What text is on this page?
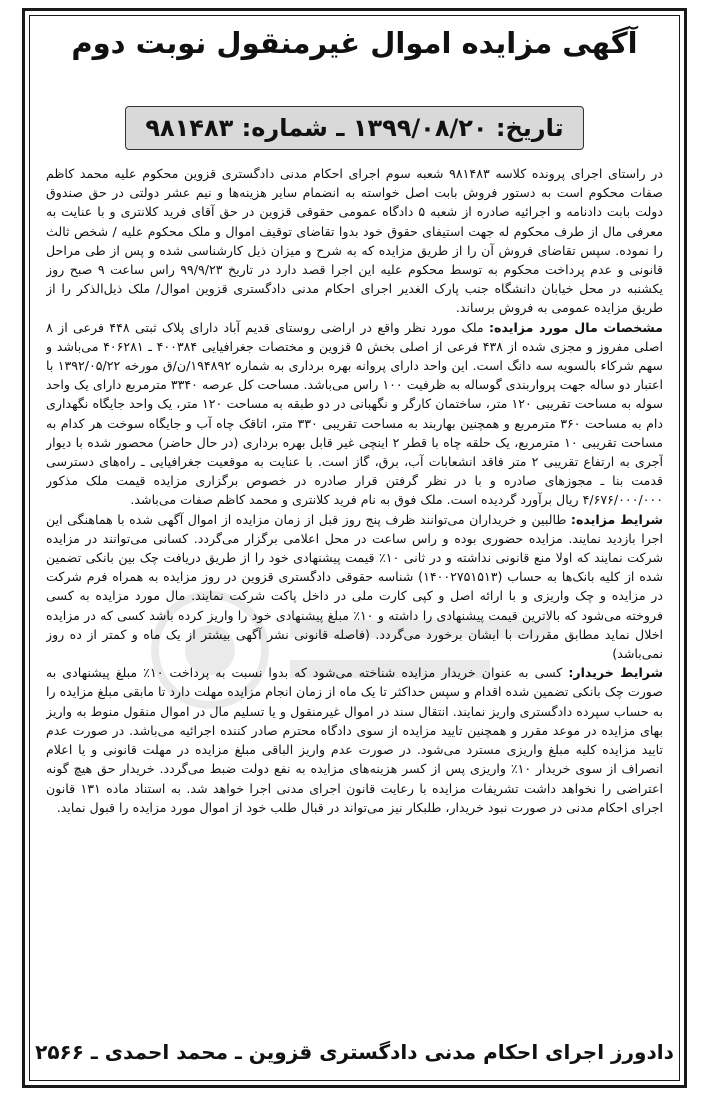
آگهی مزایده اموال غیرمنقول نوبت دوم
تاریخ: ۱۳۹۹/۰۸/۲۰ ـ شماره: ۹۸۱۴۸۳

در راستای اجرای پرونده کلاسه ۹۸۱۴۸۳ شعبه سوم اجرای احکام مدنی دادگستری قزوین محکوم علیه محمد کاظم صفات محکوم است به دستور فروش بابت اصل خواسته به انضمام سایر هزینه‌ها و نیم عشر دولتی در حق صندوق دولت بابت دادنامه و اجرائیه صادره از شعبه ۵ دادگاه عمومی حقوقی قزوین در حق آقای فرید کلانتری و با عنایت به معرفی مال از طرف محکوم له جهت استیفای حقوق خود بدوا تقاضای توقیف اموال و ملک محکوم علیه / شخص ثالث را نموده. سپس تقاضای فروش آن را از طریق مزایده که به شرح و میزان ذیل کارشناسی شده و پس از طی مراحل قانونی و عدم پرداخت محکوم به توسط محکوم علیه این اجرا قصد دارد در تاریخ ۹۹/۹/۲۳ راس ساعت ۹ صبح روز یکشنبه در محل خیابان دانشگاه جنب پارک الغدیر اجرای احکام مدنی دادگستری قزوین اموال/ ملک ذیل‌الذکر را از طریق مزایده عمومی به فروش برساند.

مشخصات مال مورد مزایده: ملک مورد نظر واقع در اراضی روستای قدیم آباد دارای پلاک ثبتی ۴۴۸ فرعی از ۸ اصلی مفروز و مجزی شده از ۴۳۸ فرعی از اصلی بخش ۵ قزوین و مختصات جغرافیایی ۴۰۰۳۸۴ ـ ۴۰۶۲۸۱ می‌باشد و سهم شرکاء بالسویه سه دانگ است. این واحد دارای پروانه بهره برداری به شماره ۱۹۴۸۹۲/ن/ق مورخه ۱۳۹۲/۰۵/۲۲ با اعتبار دو ساله جهت پرواربندی گوساله به ظرفیت ۱۰۰ راس می‌باشد. مساحت کل عرصه ۳۳۴۰ مترمربع دارای یک واحد سوله به مساحت تقریبی ۱۲۰ متر، ساختمان کارگر و نگهبانی در دو طبقه به مساحت ۱۲۰ متر، یک واحد جایگاه نگهداری دام به مساحت ۳۶۰ مترمربع و همچنین بهاربند به مساحت تقریبی ۳۳۰ متر، اتاقک چاه آب و جایگاه سوخت هر کدام به مساحت تقریبی ۱۰ مترمربع، یک حلقه چاه با قطر ۲ اینچی غیر قابل بهره برداری (در حال حاضر) محصور شده با دیوار آجری به ارتفاع تقریبی ۲ متر فاقد انشعابات آب، برق، گاز است. با عنایت به موقعیت جغرافیایی ـ راه‌های دسترسی قدمت بنا ـ مجوزهای صادره و با در نظر گرفتن قرار صادره در خصوص برگزاری مزایده قیمت ملک مذکور ۴/۶۷۶/۰۰۰/۰۰۰ ریال برآورد گردیده است. ملک فوق به نام فرید کلانتری و محمد کاظم صفات می‌باشد.

شرایط مزایده: طالبین و خریداران می‌توانند ظرف پنج روز قبل از زمان مزایده از اموال آگهی شده با هماهنگی این اجرا بازدید نمایند. مزایده حضوری بوده و راس ساعت در محل اعلامی برگزار می‌گردد. کسانی می‌توانند در مزایده شرکت نمایند که اولا منع قانونی نداشته و در ثانی ۱۰٪ قیمت پیشنهادی خود را از طریق دریافت چک بین بانکی تضمین شده از کلیه بانک‌ها به حساب (۱۴۰۰۲۷۵۱۵۱۳) شناسه حقوقی دادگستری قزوین در روز مزایده به همراه فرم شرکت در مزایده و چک واریزی و با ارائه اصل و کپی کارت ملی در داخل پاکت شرکت نمایند. مال مورد مزایده به کسی فروخته می‌شود که بالاترین قیمت پیشنهادی را داشته و ۱۰٪ مبلغ پیشنهادی خود را واریز کرده باشد کسی که در مزایده اخلال نماید مطابق مقررات با ایشان برخورد می‌گردد. (فاصله قانونی نشر آگهی بیشتر از یک ماه و کمتر از ده روز نمی‌باشد)

شرایط خریدار: کسی به عنوان خریدار مزایده شناخته می‌شود که بدوا نسبت به پرداخت ۱۰٪ مبلغ پیشنهادی به صورت چک بانکی تضمین شده اقدام و سپس حداکثر تا یک ماه از زمان انجام مزایده مهلت دارد تا مابقی مبلغ مزایده را به حساب سپرده دادگستری واریز نمایند. انتقال سند در اموال غیرمنقول و یا تسلیم مال در اموال منقول منوط به واریز بهای مزایده در موعد مقرر و همچنین تایید مزایده از سوی دادگاه محترم صادر کننده اجرائیه می‌باشد. در صورت عدم تایید مزایده کلیه مبلغ واریزی مسترد می‌شود. در صورت عدم واریز الباقی مبلغ مزایده در مهلت قانونی و یا اعلام انصراف از سوی خریدار ۱۰٪ واریزی پس از کسر هزینه‌های مزایده به نفع دولت ضبط می‌گردد. خریدار حق هیچ گونه اعتراضی را نخواهد داشت تشریفات مزایده با رعایت قانون اجرای مدنی اجرا خواهد شد. به استناد ماده ۱۳۱ قانون اجرای احکام مدنی در صورت نبود خریدار، طلبکار نیز می‌تواند در قبال طلب خود از اموال مورد مزایده را قبول نماید.

دادورز اجرای احکام مدنی دادگستری قزوین ـ محمد احمدی ـ ۲۵۶۶
